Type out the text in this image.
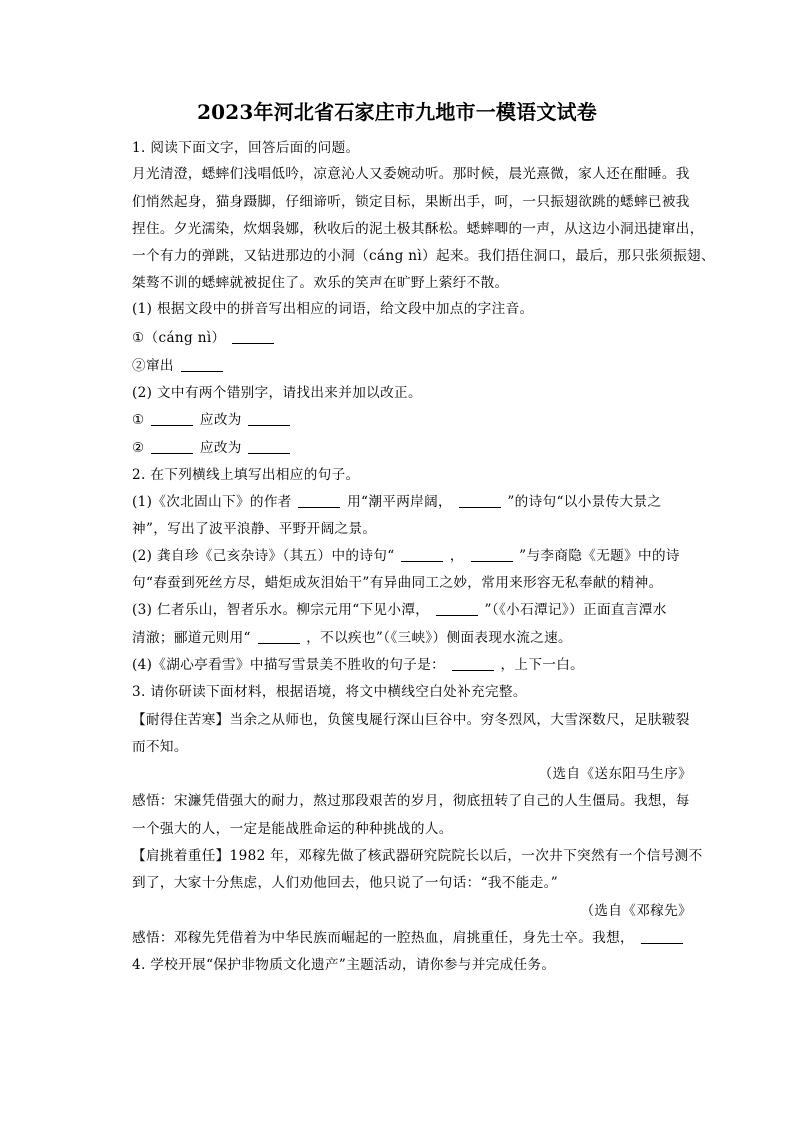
2023年河北省石家庄市九地市一模语文试卷
1. 阅读下面文字，回答后面的问题。
月光清澄，蟋蟀们浅唱低吟，凉意沁人又委婉动听。那时候，晨光熹微，家人还在酣睡。我
们悄然起身，猫身蹑脚，仔细谛听，锁定目标，果断出手，呵，一只振翅欲跳的蟋蟀已被我
捏住。夕光濡染，炊烟袅娜，秋收后的泥土极其酥松。蟋蟀唧的一声，从这边小洞迅捷窜出，
一个有力的弹跳，又钻进那边的小洞（cáng nì）起来。我们捂住洞口，最后，那只张须振翅、
桀骜不训的蟋蟀就被捉住了。欢乐的笑声在旷野上萦纡不散。
(1) 根据文段中的拼音写出相应的词语，给文段中加点的字注音。
①（cáng nì）
②窜出
(2) 文中有两个错别字，请找出来并加以改正。
①	应改为
②	应改为
2. 在下列横线上填写出相应的句子。
(1)《次北固山下》的作者	用“潮平两岸阔，	”的诗句“以小景传大景之
神”，写出了波平浪静、平野开阔之景。
(2) 龚自珍《己亥杂诗》（其五）中的诗句“	，	”与李商隐《无题》中的诗
句“春蚕到死丝方尽，蜡炬成灰泪始干”有异曲同工之妙，常用来形容无私奉献的精神。
(3) 仁者乐山，智者乐水。柳宗元用“下见小潭，	”（《小石潭记》）正面直言潭水
清澈；郦道元则用“	，不以疾也”（《三峡》）侧面表现水流之速。
(4)《湖心亭看雪》中描写雪景美不胜收的句子是：	，上下一白。
3. 请你研读下面材料，根据语境，将文中横线空白处补充完整。
【耐得住苦寒】当余之从师也，负箧曳屣行深山巨谷中。穷冬烈风，大雪深数尺，足肤皲裂
而不知。
（选自《送东阳马生序》
感悟：宋濂凭借强大的耐力，熬过那段艰苦的岁月，彻底扭转了自己的人生僵局。我想，每
一个强大的人，一定是能战胜命运的种种挑战的人。
【肩挑着重任】1982 年，邓稼先做了核武器研究院院长以后，一次井下突然有一个信号测不
到了，大家十分焦虑，人们劝他回去，他只说了一句话：“我不能走。”
（选自《邓稼先》
感悟：邓稼先凭借着为中华民族而崛起的一腔热血，肩挑重任，身先士卒。我想，
4. 学校开展“保护非物质文化遗产”主题活动，请你参与并完成任务。
